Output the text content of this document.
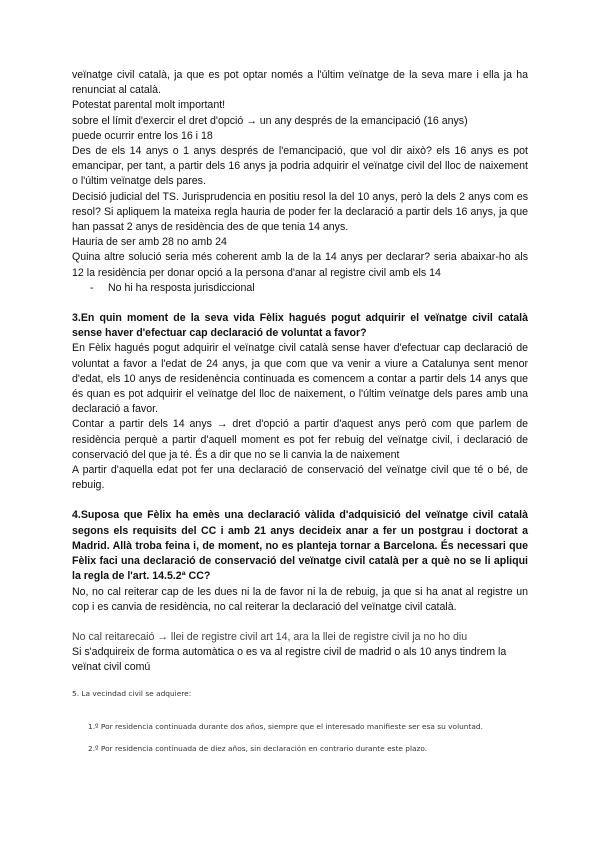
veïnatge civil català, ja que es pot optar només a l'últim veïnatge de la seva mare i ella ja ha renunciat al català.

Potestat parental molt important!

sobre el límit d'exercir el dret d'opció → un any després de la emancipació (16 anys)

puede ocurrir entre los 16 i 18

Des de els 14 anys o 1 anys després de l'emancipació, que vol dir això? els 16 anys es pot emancipar, per tant, a partir dels 16 anys ja podria adquirir el veïnatge civil del lloc de naixement o l'últim veïnatge dels pares.

Decisió judicial del TS. Jurisprudencia en positiu resol la del 10 anys, però la dels 2 anys com es resol? Si apliquem la mateixa regla hauria de poder fer la declaració a partir dels 16 anys, ja que han passat 2 anys de residència des de que tenia 14 anys.

Hauria de ser amb 28 no amb 24

Quina altre solució seria més coherent amb la de la 14 anys per declarar? seria abaixar-ho als 12 la residència per donar opció a la persona d'anar al registre civil amb els 14

-	No hi ha resposta jurisdiccional

3.En quin moment de la seva vida Fèlix hagués pogut adquirir el veïnatge civil català sense haver d'efectuar cap declaració de voluntat a favor?

En Fèlix hagués pogut adquirir el veïnatge civil català sense haver d'efectuar cap declaració de voluntat a favor a l'edat de 24 anys, ja que com que va venir a viure a Catalunya sent menor d'edat, els 10 anys de residenència continuada es comencem a contar a partir dels 14 anys que és quan es pot adquirir el veïnatge del lloc de naixement, o l'últim veïnatge dels pares amb una declaració a favor.

Contar a partir dels 14 anys → dret d'opció a partir d'aquest anys però com que parlem de residència perquè a partir d'aquell moment es pot fer rebuig del veïnatge civil, i declaració de conservació del que ja té. És a dir que no se li canvia la de naixement

A partir d'aquella edat pot fer una declaració de conservació del veïnatge civil que té o bé, de rebuig.

4.Suposa que Fèlix ha emès una declaració vàlida d'adquisició del veïnatge civil català segons els requisits del CC i amb 21 anys decideix anar a fer un postgrau i doctorat a Madrid. Allà troba feina i, de moment, no es planteja tornar a Barcelona. És necessari que Fèlix faci una declaració de conservació del veïnatge civil català per a què no se li apliqui la regla de l'art. 14.5.2ª CC?

No, no cal reiterar cap de les dues ni la de favor ni la de rebuig, ja que si ha anat al registre un cop i es canvia de residència, no cal reiterar la declaració del veïnatge civil català.

No cal reitarecaió → llei de registre civil art 14, ara la llei de registre civil ja no ho diu

Si s'adquireix de forma automàtica o es va al registre civil de madrid o als 10 anys tindrem la veïnat civil comú

5. La vecindad civil se adquiere:

1.º Por residencia continuada durante dos años, siempre que el interesado manifieste ser esa su voluntad.

2.º Por residencia continuada de diez años, sin declaración en contrario durante este plazo.
